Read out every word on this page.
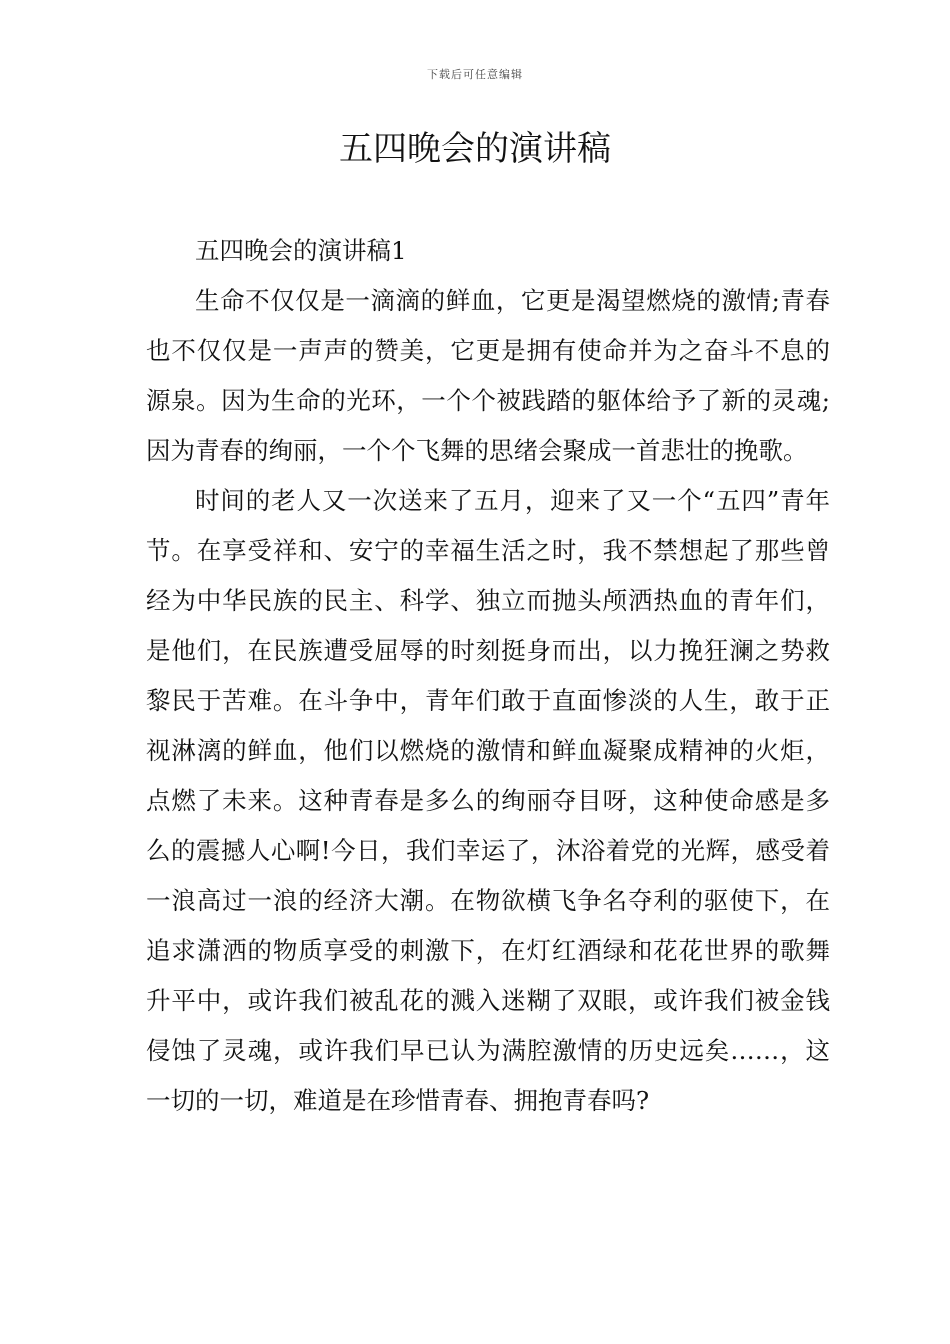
下载后可任意编辑
五四晚会的演讲稿

五四晚会的演讲稿1

生命不仅仅是一滴滴的鲜血，它更是渴望燃烧的激情;青春也不仅仅是一声声的赞美，它更是拥有使命并为之奋斗不息的源泉。因为生命的光环，一个个被践踏的躯体给予了新的灵魂;因为青春的绚丽，一个个飞舞的思绪会聚成一首悲壮的挽歌。

时间的老人又一次送来了五月，迎来了又一个“五四”青年节。在享受祥和、安宁的幸福生活之时，我不禁想起了那些曾经为中华民族的民主、科学、独立而抛头颅洒热血的青年们，是他们，在民族遭受屈辱的时刻挺身而出，以力挽狂澜之势救黎民于苦难。在斗争中，青年们敢于直面惨淡的人生，敢于正视淋漓的鲜血，他们以燃烧的激情和鲜血凝聚成精神的火炬，点燃了未来。这种青春是多么的绚丽夺目呀，这种使命感是多么的震撼人心啊!今日，我们幸运了，沐浴着党的光辉，感受着一浪高过一浪的经济大潮。在物欲横飞争名夺利的驱使下，在追求潇洒的物质享受的刺激下，在灯红酒绿和花花世界的歌舞升平中，或许我们被乱花的溅入迷糊了双眼，或许我们被金钱侵蚀了灵魂，或许我们早已认为满腔激情的历史远矣……，这一切的一切，难道是在珍惜青春、拥抱青春吗?
